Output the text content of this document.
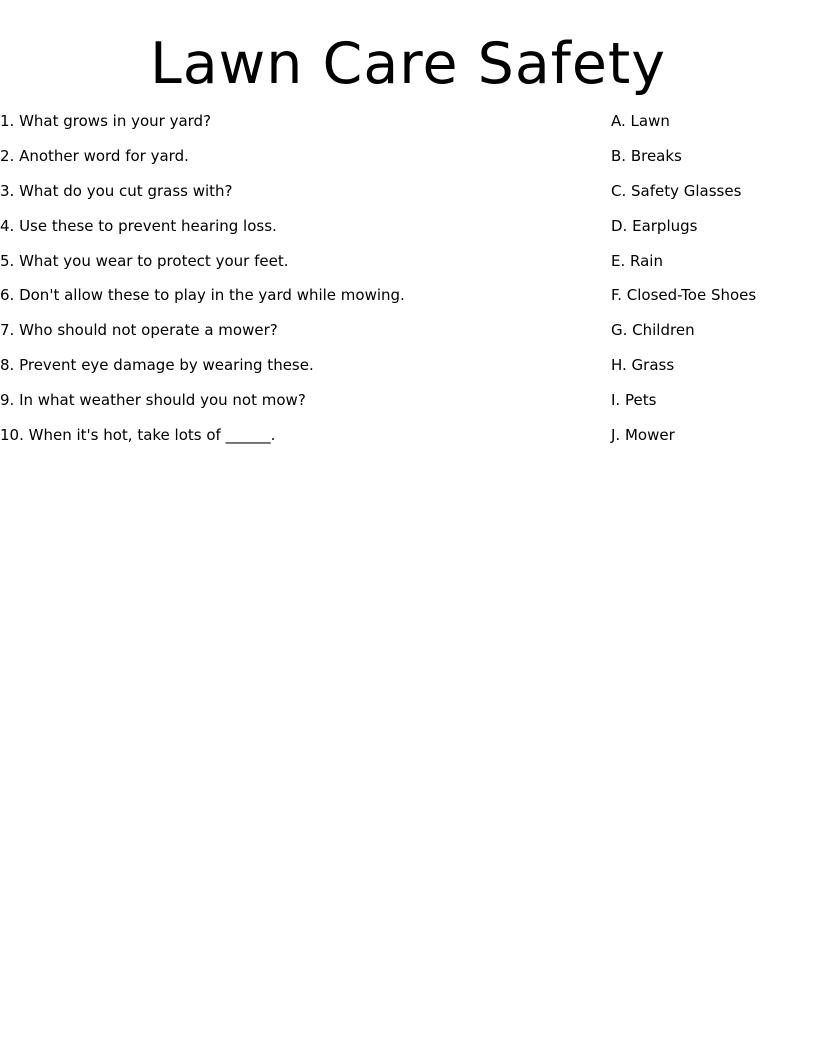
Lawn Care Safety
1. What grows in your yard?	A. Lawn
2. Another word for yard.	B. Breaks
3. What do you cut grass with?	C. Safety Glasses
4. Use these to prevent hearing loss.	D. Earplugs
5. What you wear to protect your feet.	E. Rain
6. Don't allow these to play in the yard while mowing.	F. Closed-Toe Shoes
7. Who should not operate a mower?	G. Children
8. Prevent eye damage by wearing these.	H. Grass
9. In what weather should you not mow?	I. Pets
10. When it's hot, take lots of ______.	J. Mower
